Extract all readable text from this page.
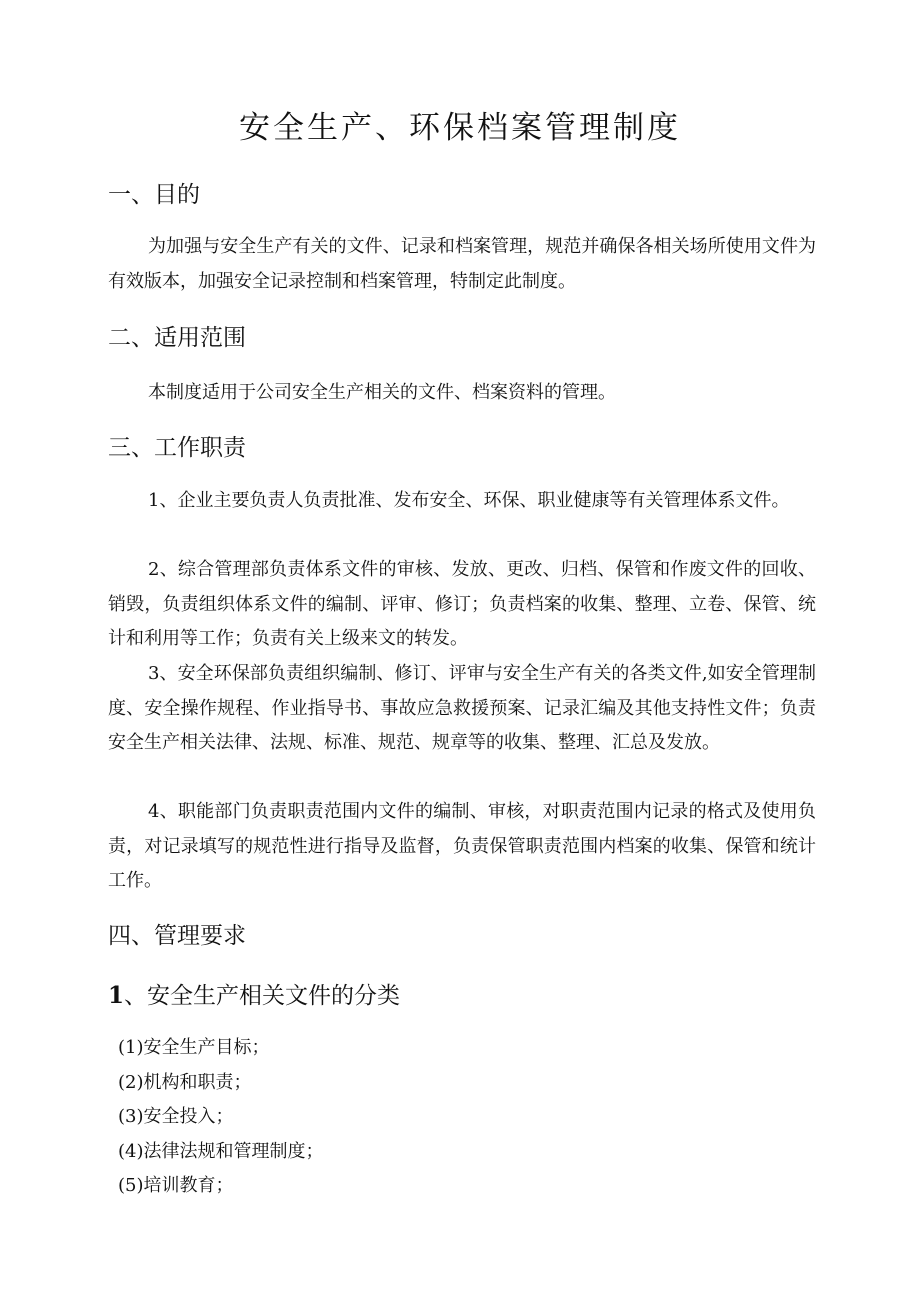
安全生产、环保档案管理制度
一、目的

为加强与安全生产有关的文件、记录和档案管理，规范并确保各相关场所使用文件为有效版本，加强安全记录控制和档案管理，特制定此制度。

二、适用范围

本制度适用于公司安全生产相关的文件、档案资料的管理。

三、工作职责

1、企业主要负责人负责批准、发布安全、环保、职业健康等有关管理体系文件。

2、综合管理部负责体系文件的审核、发放、更改、归档、保管和作废文件的回收、销毁，负责组织体系文件的编制、评审、修订；负责档案的收集、整理、立卷、保管、统计和利用等工作；负责有关上级来文的转发。

3、安全环保部负责组织编制、修订、评审与安全生产有关的各类文件,如安全管理制度、安全操作规程、作业指导书、事故应急救援预案、记录汇编及其他支持性文件；负责安全生产相关法律、法规、标准、规范、规章等的收集、整理、汇总及发放。

4、职能部门负责职责范围内文件的编制、审核，对职责范围内记录的格式及使用负责，对记录填写的规范性进行指导及监督，负责保管职责范围内档案的收集、保管和统计工作。

四、管理要求
1、安全生产相关文件的分类
(1)安全生产目标；
(2)机构和职责；
(3)安全投入；
(4)法律法规和管理制度；
(5)培训教育；
